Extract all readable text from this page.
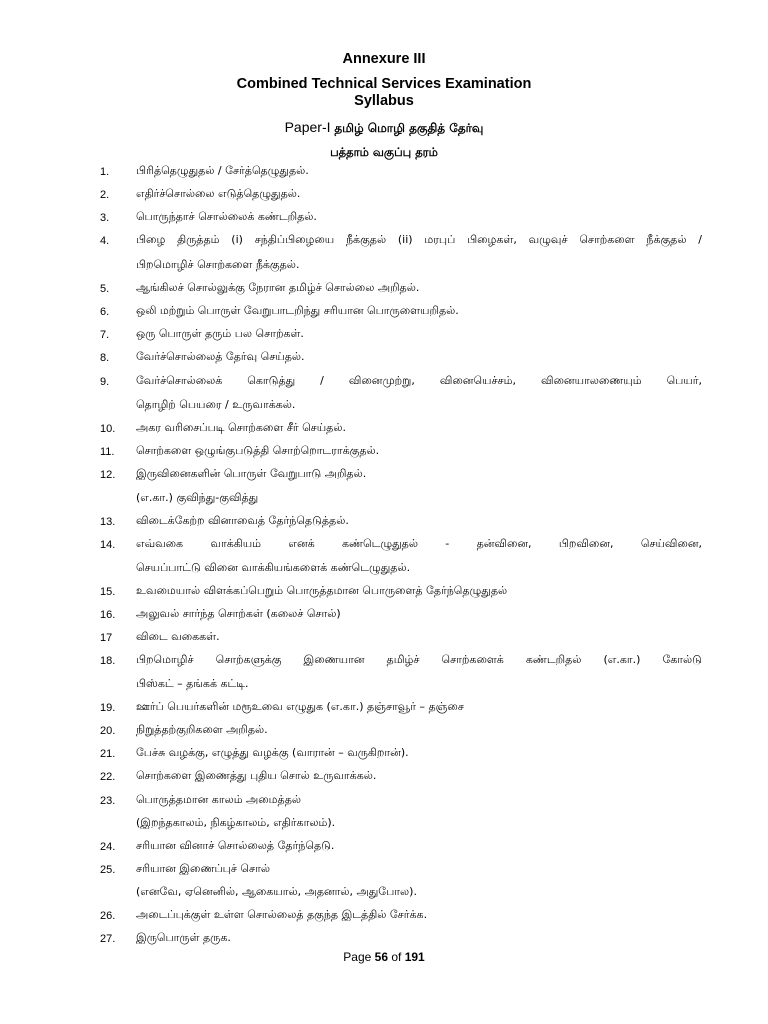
Annexure III
Combined Technical Services Examination
Syllabus
Paper-I தமிழ் மொழி தகுதித் தேர்வு
பத்தாம் வகுப்பு தரம்
1. பிரித்தெழுதுதல் / சேர்த்தெழுதுதல்.
2. எதிர்ச்சொல்லை எடுத்தெழுதுதல்.
3. பொருந்தாச் சொல்லைக் கண்டறிதல்.
4. பிழை திருத்தம் (i) சந்திப்பிழையை நீக்குதல் (ii) மரபுப் பிழைகள், வழுவுச் சொற்களை நீக்குதல் /
பிறமொழிச் சொற்களை நீக்குதல்.
5. ஆங்கிலச் சொல்லுக்கு நேரான தமிழ்ச் சொல்லை அறிதல்.
6. ஒலி மற்றும் பொருள் வேறுபாடறிந்து சரியான பொருளையறிதல்.
7. ஒரு பொருள் தரும் பல சொற்கள்.
8. வேர்ச்சொல்லைத் தேர்வு செய்தல்.
9. வேர்ச்சொல்லைக் கொடுத்து / வினைமுற்று, வினையெச்சம், வினையாலணையும் பெயர்,
தொழிற் பெயரை / உருவாக்கல்.
10. அகர வரிசைப்படி சொற்களை சீர் செய்தல்.
11. சொற்களை ஒழுங்குபடுத்தி சொற்றொடராக்குதல்.
12. இருவினைகளின் பொருள் வேறுபாடு அறிதல்.
(எ.கா.) குவிந்து-குவித்து
13. விடைக்கேற்ற வினாவைத் தேர்ந்தெடுத்தல்.
14. எவ்வகை வாக்கியம் எனக் கண்டெழுதுதல் - தன்வினை, பிறவினை, செய்வினை,
செயப்பாட்டு வினை வாக்கியங்களைக் கண்டெழுதுதல்.
15. உவமையால் விளக்கப்பெறும் பொருத்தமான பொருளைத் தேர்ந்தெழுதுதல்
16. அலுவல் சார்ந்த சொற்கள் (கலைச் சொல்)
17 விடை வகைகள்.
18. பிறமொழிச் சொற்களுக்கு இணையான தமிழ்ச் சொற்களைக் கண்டறிதல் (எ.கா.) கோல்டு
பிஸ்கட் – தங்கக் கட்டி.
19. ஊர்ப் பெயர்களின் மரூஉவை எழுதுக (எ.கா.) தஞ்சாவூர் – தஞ்சை
20. நிறுத்தற்குறிகளை அறிதல்.
21. பேச்சு வழக்கு, எழுத்து வழக்கு (வாரான் – வருகிறான்).
22. சொற்களை இணைத்து புதிய சொல் உருவாக்கல்.
23. பொருத்தமான காலம் அமைத்தல்
(இறந்தகாலம், நிகழ்காலம், எதிர்காலம்).
24. சரியான வினாச் சொல்லைத் தேர்ந்தெடு.
25. சரியான இணைப்புச் சொல்
(எனவே, ஏனெனில், ஆகையால், அதனால், அதுபோல).
26. அடைப்புக்குள் உள்ள சொல்லைத் தகுந்த இடத்தில் சேர்க்க.
27. இருபொருள் தருக.
Page 56 of 191
